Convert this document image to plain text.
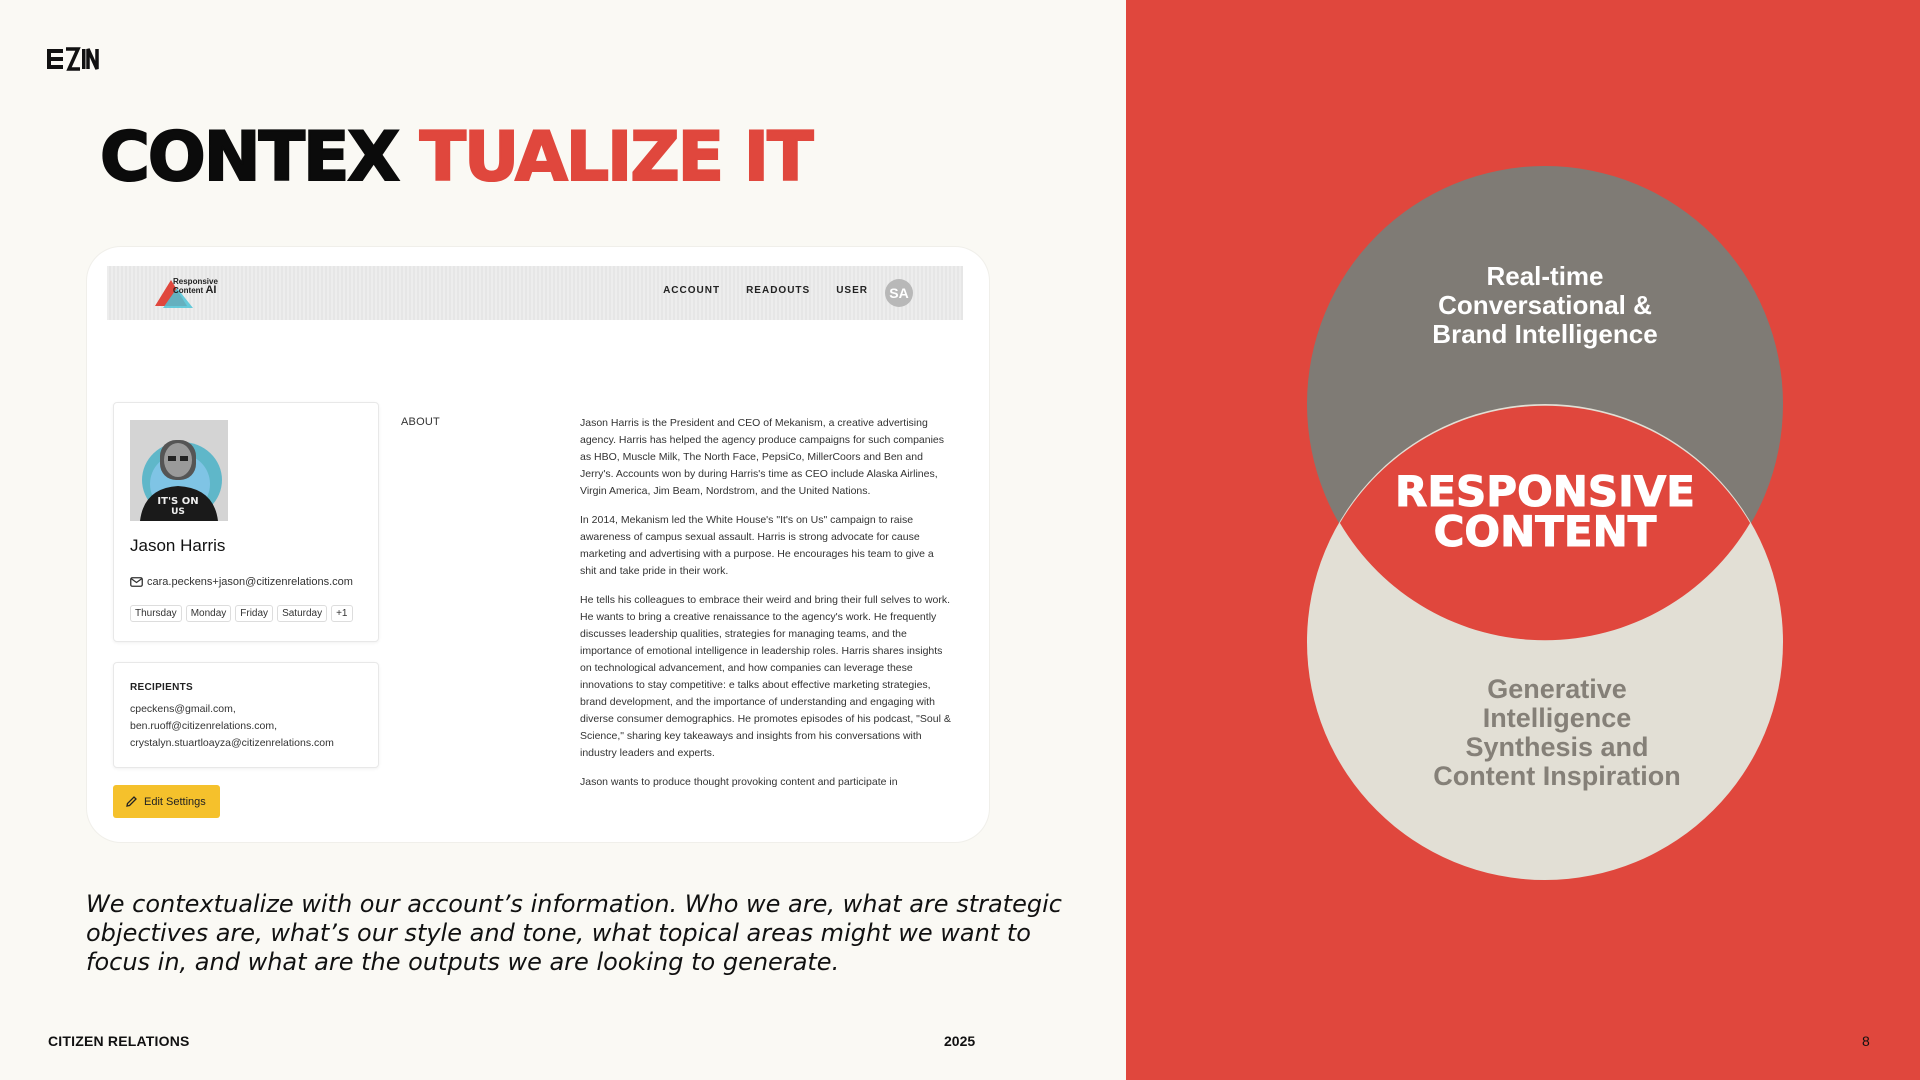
CONTEX TUALIZE IT
Responsive
Content AI	ACCOUNT	READOUTS	USER	SA
IT'S ON
US
Jason Harris
cara.peckens+jason@citizenrelations.com
Thursday	Monday	Friday	Saturday	+1
RECIPIENTS
cpeckens@gmail.com,
ben.ruoff@citizenrelations.com,
crystalyn.stuartloayza@citizenrelations.com
Edit Settings
ABOUT	Jason Harris is the President and CEO of Mekanism, a creative advertising agency. Harris has helped the agency produce campaigns for such companies as HBO, Muscle Milk, The North Face, PepsiCo, MillerCoors and Ben and Jerry's. Accounts won by during Harris's time as CEO include Alaska Airlines, Virgin America, Jim Beam, Nordstrom, and the United Nations.

In 2014, Mekanism led the White House's "It's on Us" campaign to raise awareness of campus sexual assault. Harris is strong advocate for cause marketing and advertising with a purpose. He encourages his team to give a shit and take pride in their work.

He tells his colleagues to embrace their weird and bring their full selves to work. He wants to bring a creative renaissance to the agency's work. He frequently discusses leadership qualities, strategies for managing teams, and the importance of emotional intelligence in leadership roles. Harris shares insights on technological advancement, and how companies can leverage these innovations to stay competitive: e talks about effective marketing strategies, brand development, and the importance of understanding and engaging with diverse consumer demographics. He promotes episodes of his podcast, "Soul & Science," sharing key takeaways and insights from his conversations with industry leaders and experts.

Jason wants to produce thought provoking content and participate in

We contextualize with our account’s information. Who we are, what are strategic objectives are, what’s our style and tone, what topical areas might we want to focus in, and what are the outputs we are looking to generate.
CITIZEN RELATIONS	2025	8
Real-time Conversational & Brand Intelligence
RESPONSIVE
CONTENT
Generative Intelligence Synthesis and Content Inspiration
